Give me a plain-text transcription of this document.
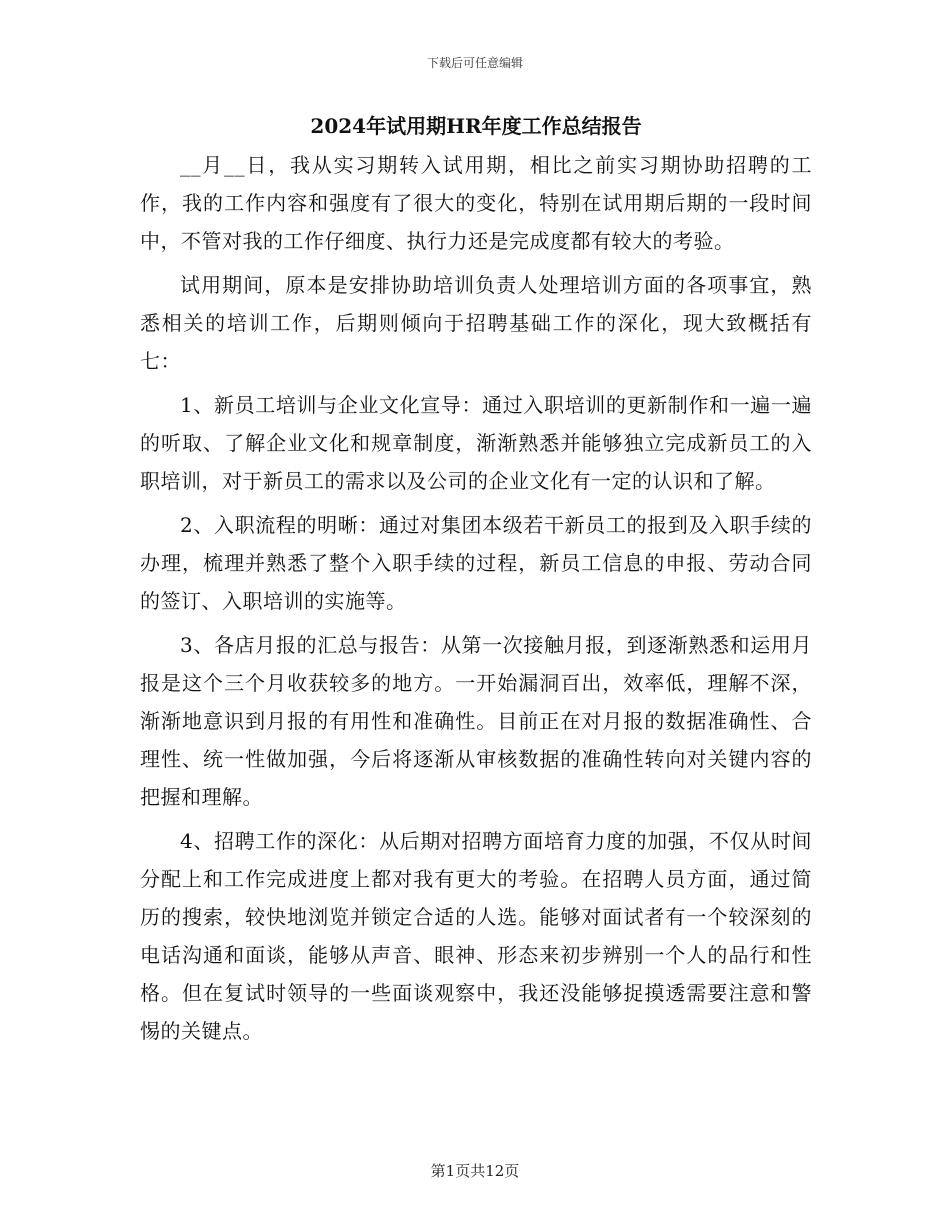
下载后可任意编辑
2024年试用期HR年度工作总结报告

__月__日，我从实习期转入试用期，相比之前实习期协助招聘的工作，我的工作内容和强度有了很大的变化，特别在试用期后期的一段时间中，不管对我的工作仔细度、执行力还是完成度都有较大的考验。

试用期间，原本是安排协助培训负责人处理培训方面的各项事宜，熟悉相关的培训工作，后期则倾向于招聘基础工作的深化，现大致概括有七：

1、新员工培训与企业文化宣导：通过入职培训的更新制作和一遍一遍的听取、了解企业文化和规章制度，渐渐熟悉并能够独立完成新员工的入职培训，对于新员工的需求以及公司的企业文化有一定的认识和了解。

2、入职流程的明晰：通过对集团本级若干新员工的报到及入职手续的办理，梳理并熟悉了整个入职手续的过程，新员工信息的申报、劳动合同的签订、入职培训的实施等。

3、各店月报的汇总与报告：从第一次接触月报，到逐渐熟悉和运用月报是这个三个月收获较多的地方。一开始漏洞百出，效率低，理解不深，渐渐地意识到月报的有用性和准确性。目前正在对月报的数据准确性、合理性、统一性做加强，今后将逐渐从审核数据的准确性转向对关键内容的把握和理解。

4、招聘工作的深化：从后期对招聘方面培育力度的加强，不仅从时间分配上和工作完成进度上都对我有更大的考验。在招聘人员方面，通过简历的搜索，较快地浏览并锁定合适的人选。能够对面试者有一个较深刻的电话沟通和面谈，能够从声音、眼神、形态来初步辨别一个人的品行和性格。但在复试时领导的一些面谈观察中，我还没能够捉摸透需要注意和警惕的关键点。

第1页共12页
